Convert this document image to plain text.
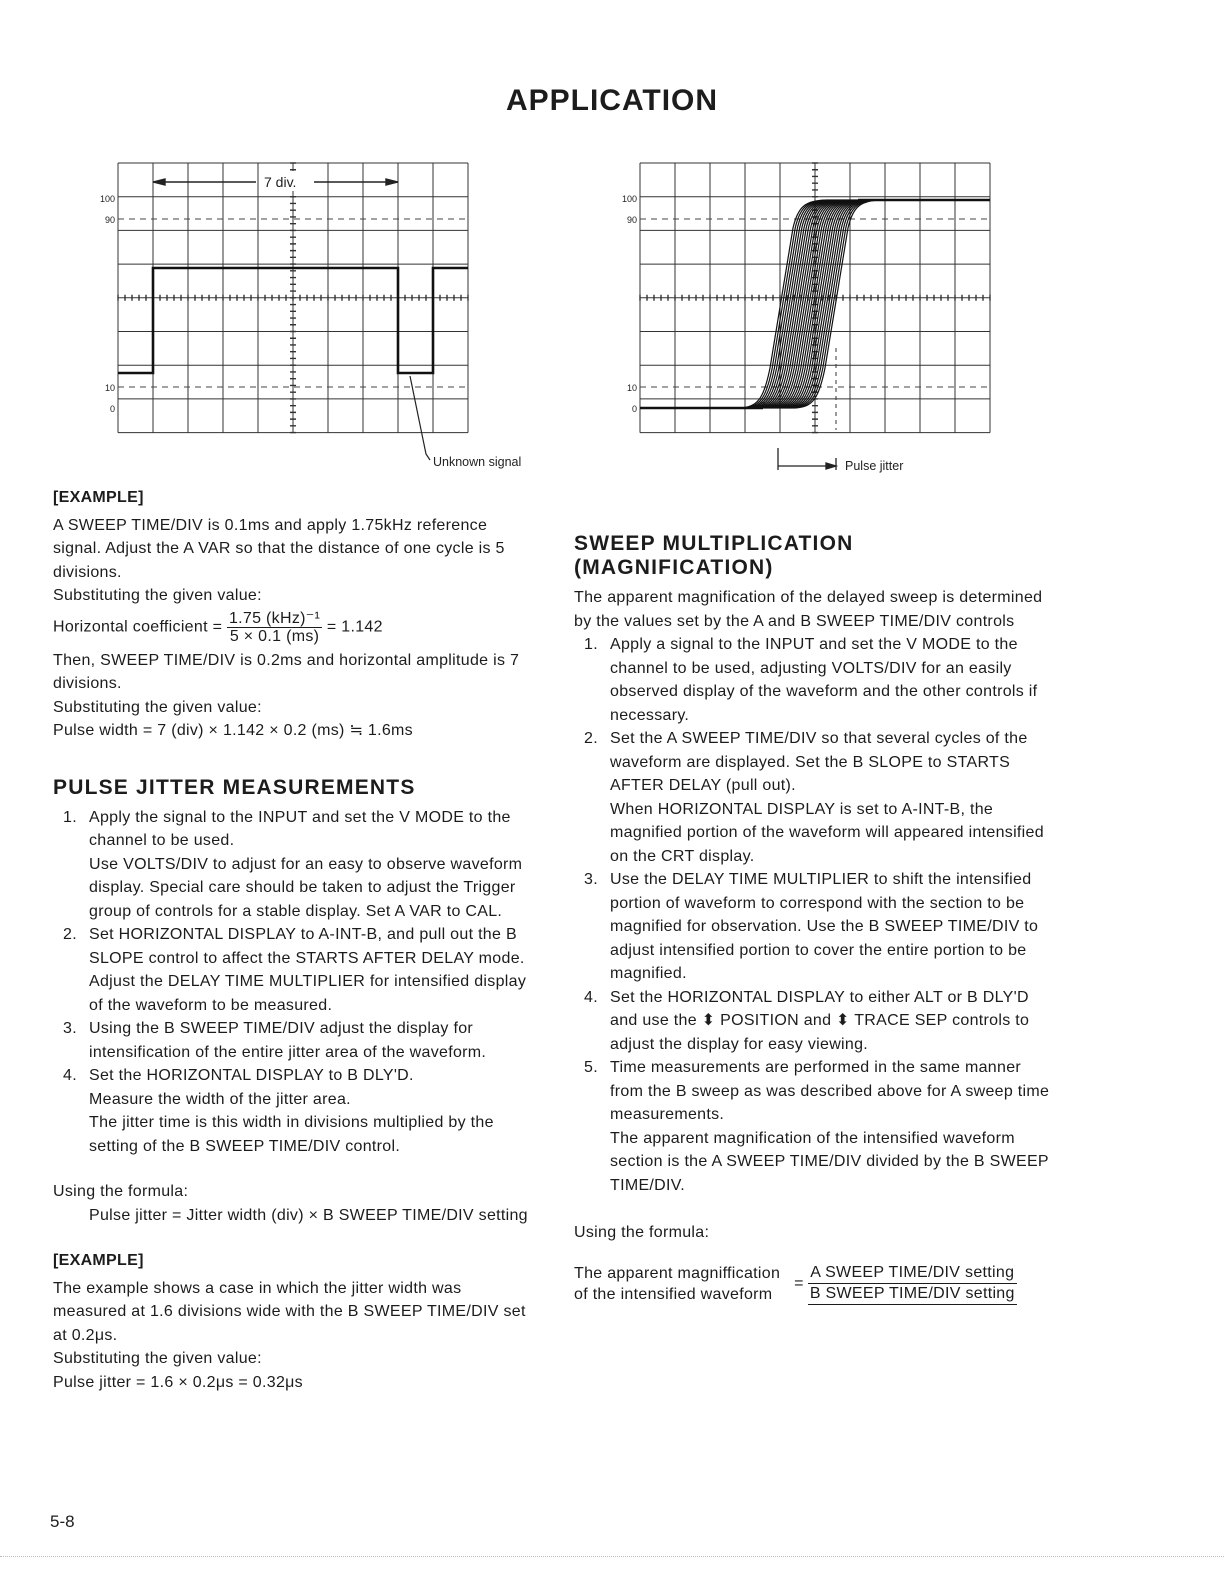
APPLICATION
7 div.
100
90
10
0
Unknown signal
100
90
10
0
Pulse jitter
[EXAMPLE]
A SWEEP TIME/DIV is 0.1ms and apply 1.75kHz reference signal. Adjust the A VAR so that the distance of one cycle is 5 divisions.
Substituting the given value:
Horizontal coefficient = $\frac{\text{1.75 (kHz)⁻¹}}{5 \times 0.1 (ms)} = 1.142$
Then, SWEEP TIME/DIV is 0.2ms and horizontal amplitude is 7 divisions.
Substituting the given value:
Pulse width = 7 (div) × 1.142 × 0.2 (ms) ≒ 1.6ms
PULSE JITTER MEASUREMENTS
1. Apply the signal to the INPUT and set the V MODE to the channel to be used.

Use VOLTS/DIV to adjust for an easy to observe waveform display. Special care should be taken to adjust the Trigger group of controls for a stable display. Set A VAR to CAL.

2. Set HORIZONTAL DISPLAY to A-INT-B, and pull out the B SLOPE control to affect the STARTS AFTER DELAY mode.

Adjust the DELAY TIME MULTIPLIER for intensified display of the waveform to be measured.

3. Using the B SWEEP TIME/DIV adjust the display for intensification of the entire jitter area of the waveform.

4. Set the HORIZONTAL DISPLAY to B DLY'D.

Measure the width of the jitter area.

The jitter time is this width in divisions multiplied by the setting of the B SWEEP TIME/DIV control.

Using the formula:
Pulse jitter = Jitter width (div) × B SWEEP TIME/DIV setting
[EXAMPLE]
The example shows a case in which the jitter width was measured at 1.6 divisions wide with the B SWEEP TIME/DIV set at 0.2μs.
Substituting the given value:
Pulse jitter = 1.6 × 0.2μs = 0.32μs
SWEEP MULTIPLICATION
(MAGNIFICATION)
The apparent magnification of the delayed sweep is determined by the values set by the A and B SWEEP TIME/DIV controls
1. Apply a signal to the INPUT and set the V MODE to the channel to be used, adjusting VOLTS/DIV for an easily observed display of the waveform and the other controls if necessary.

2. Set the A SWEEP TIME/DIV so that several cycles of the waveform are displayed. Set the B SLOPE to STARTS AFTER DELAY (pull out).

When HORIZONTAL DISPLAY is set to A-INT-B, the magnified portion of the waveform will appeared intensified on the CRT display.

3. Use the DELAY TIME MULTIPLIER to shift the intensified portion of waveform to correspond with the section to be magnified for observation. Use the B SWEEP TIME/DIV to adjust intensified portion to cover the entire portion to be magnified.

4. Set the HORIZONTAL DISPLAY to either ALT or B DLY'D and use the ⬍ POSITION and ⬍ TRACE SEP controls to adjust the display for easy viewing.

5. Time measurements are performed in the same manner from the B sweep as was described above for A sweep time measurements.

The apparent magnification of the intensified waveform section is the A SWEEP TIME/DIV divided by the B SWEEP TIME/DIV.

Using the formula:
The apparent magniffication
of the intensified waveform
= $\frac{\text{A SWEEP TIME/DIV setting}}{\text{B SWEEP TIME/DIV setting}}$
5-8
